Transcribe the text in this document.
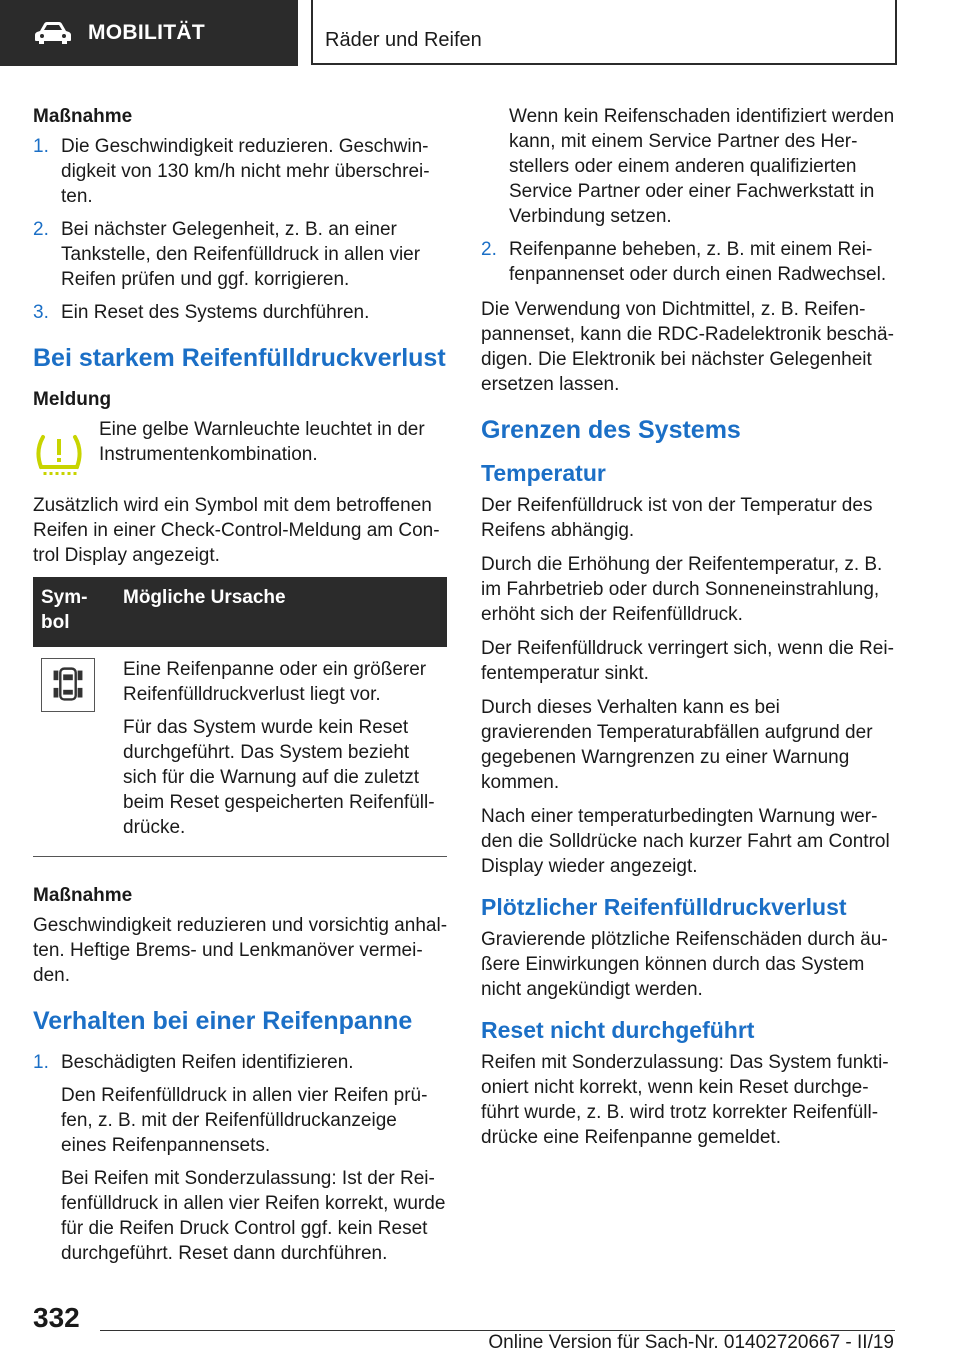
MOBILITÄT	Räder und Reifen

Maßnahme

1. Die Geschwindigkeit reduzieren. Geschwindigkeit von 130 km/h nicht mehr überschreiten.
2. Bei nächster Gelegenheit, z. B. an einer Tankstelle, den Reifenfülldruck in allen vier Reifen prüfen und ggf. korrigieren.
3. Ein Reset des Systems durchführen.
Bei starkem Reifenfülldruckverlust

Meldung

Eine gelbe Warnleuchte leuchtet in der Instrumentenkombination.

Zusätzlich wird ein Symbol mit dem betroffenen Reifen in einer Check-Control-Meldung am Control Display angezeigt.

Symbol	Mögliche Ursache

Eine Reifenpanne oder ein größerer Reifenfülldruckverlust liegt vor.

Für das System wurde kein Reset durchgeführt. Das System bezieht sich für die Warnung auf die zuletzt beim Reset gespeicherten Reifenfülldrücke.

Maßnahme

Geschwindigkeit reduzieren und vorsichtig anhalten. Heftige Brems- und Lenkmanöver vermeiden.

Verhalten bei einer Reifenpanne
1. Beschädigten Reifen identifizieren.

Den Reifenfülldruck in allen vier Reifen prüfen, z. B. mit der Reifenfülldruckanzeige eines Reifenpannensets.

Bei Reifen mit Sonderzulassung: Ist der Reifenfülldruck in allen vier Reifen korrekt, wurde für die Reifen Druck Control ggf. kein Reset durchgeführt. Reset dann durchführen.

Wenn kein Reifenschaden identifiziert werden kann, mit einem Service Partner des Herstellers oder einem anderen qualifizierten Service Partner oder einer Fachwerkstatt in Verbindung setzen.

2. Reifenpanne beheben, z. B. mit einem Reifenpannenset oder durch einen Radwechsel.

Die Verwendung von Dichtmittel, z. B. Reifenpannenset, kann die RDC-Radelektronik beschädigen. Die Elektronik bei nächster Gelegenheit ersetzen lassen.

Grenzen des Systems
Temperatur

Der Reifenfülldruck ist von der Temperatur des Reifens abhängig.

Durch die Erhöhung der Reifentemperatur, z. B. im Fahrbetrieb oder durch Sonneneinstrahlung, erhöht sich der Reifenfülldruck.

Der Reifenfülldruck verringert sich, wenn die Reifentemperatur sinkt.

Durch dieses Verhalten kann es bei gravierenden Temperaturabfällen aufgrund der gegebenen Warngrenzen zu einer Warnung kommen.

Nach einer temperaturbedingten Warnung werden die Solldrücke nach kurzer Fahrt am Control Display wieder angezeigt.

Plötzlicher Reifenfülldruckverlust

Gravierende plötzliche Reifenschäden durch äußere Einwirkungen können durch das System nicht angekündigt werden.

Reset nicht durchgeführt

Reifen mit Sonderzulassung: Das System funktioniert nicht korrekt, wenn kein Reset durchgeführt wurde, z. B. wird trotz korrekter Reifenfülldrücke eine Reifenpanne gemeldet.

332
Online Version für Sach-Nr. 01402720667 - II/19
